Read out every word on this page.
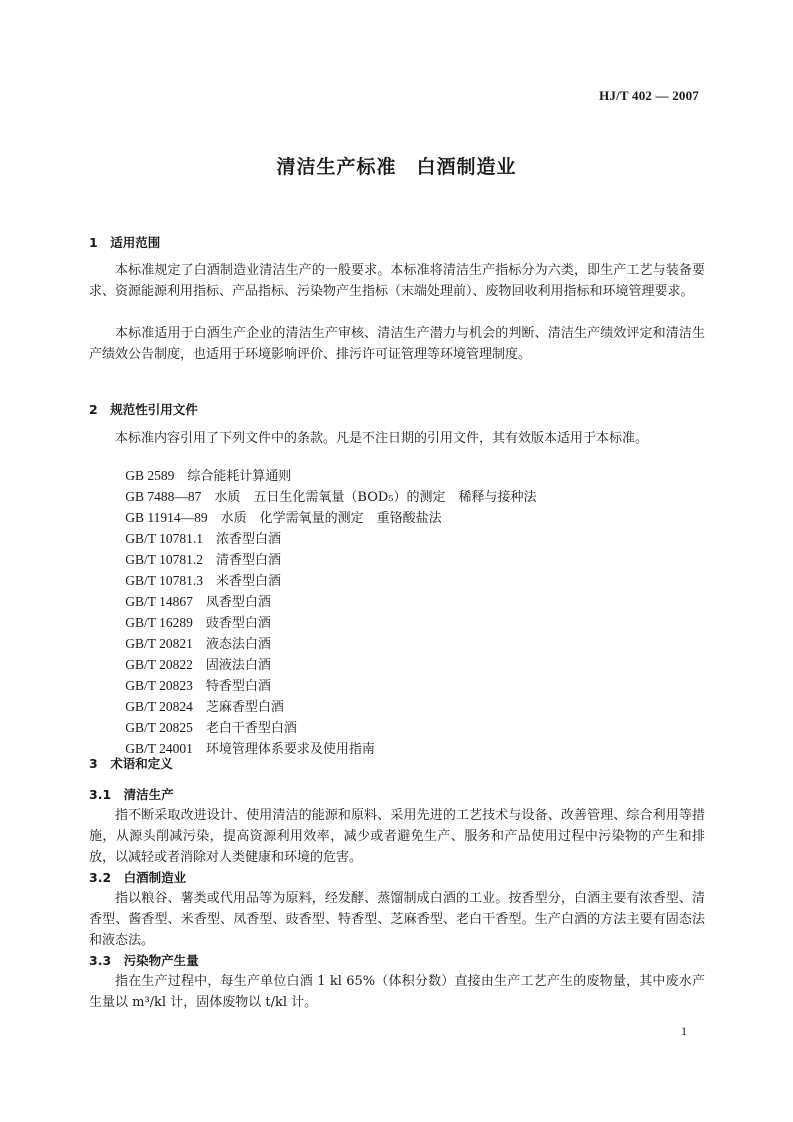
HJ/T 402 — 2007
清洁生产标准　白酒制造业
1　适用范围
本标准规定了白酒制造业清洁生产的一般要求。本标准将清洁生产指标分为六类，即生产工艺与装备要求、资源能源利用指标、产品指标、污染物产生指标（末端处理前）、废物回收利用指标和环境管理要求。
本标准适用于白酒生产企业的清洁生产审核、清洁生产潜力与机会的判断、清洁生产绩效评定和清洁生产绩效公告制度，也适用于环境影响评价、排污许可证管理等环境管理制度。
2　规范性引用文件
本标准内容引用了下列文件中的条款。凡是不注日期的引用文件，其有效版本适用于本标准。

GB 2589　 综合能耗计算通则

GB 7488—87　 水质　五日生化需氧量（BOD₅）的测定　稀释与接种法

GB 11914—89　 水质　化学需氧量的测定　重铬酸盐法

GB/T 10781.1　 浓香型白酒

GB/T 10781.2　 清香型白酒

GB/T 10781.3　 米香型白酒

GB/T 14867　 凤香型白酒

GB/T 16289　 豉香型白酒

GB/T 20821　 液态法白酒

GB/T 20822　 固液法白酒

GB/T 20823　 特香型白酒

GB/T 20824　 芝麻香型白酒

GB/T 20825　 老白干香型白酒

GB/T 24001　 环境管理体系要求及使用指南

3　术语和定义
3.1　清洁生产
指不断采取改进设计、使用清洁的能源和原料、采用先进的工艺技术与设备、改善管理、综合利用等措施，从源头削减污染，提高资源利用效率，减少或者避免生产、服务和产品使用过程中污染物的产生和排放，以减轻或者消除对人类健康和环境的危害。
3.2　白酒制造业
指以粮谷、薯类或代用品等为原料，经发酵、蒸馏制成白酒的工业。按香型分，白酒主要有浓香型、清香型、酱香型、米香型、凤香型、豉香型、特香型、芝麻香型、老白干香型。生产白酒的方法主要有固态法和液态法。
3.3　污染物产生量
指在生产过程中，每生产单位白酒 1 kl 65%（体积分数）直接由生产工艺产生的废物量，其中废水产生量以 m³/kl 计，固体废物以 t/kl 计。
1
